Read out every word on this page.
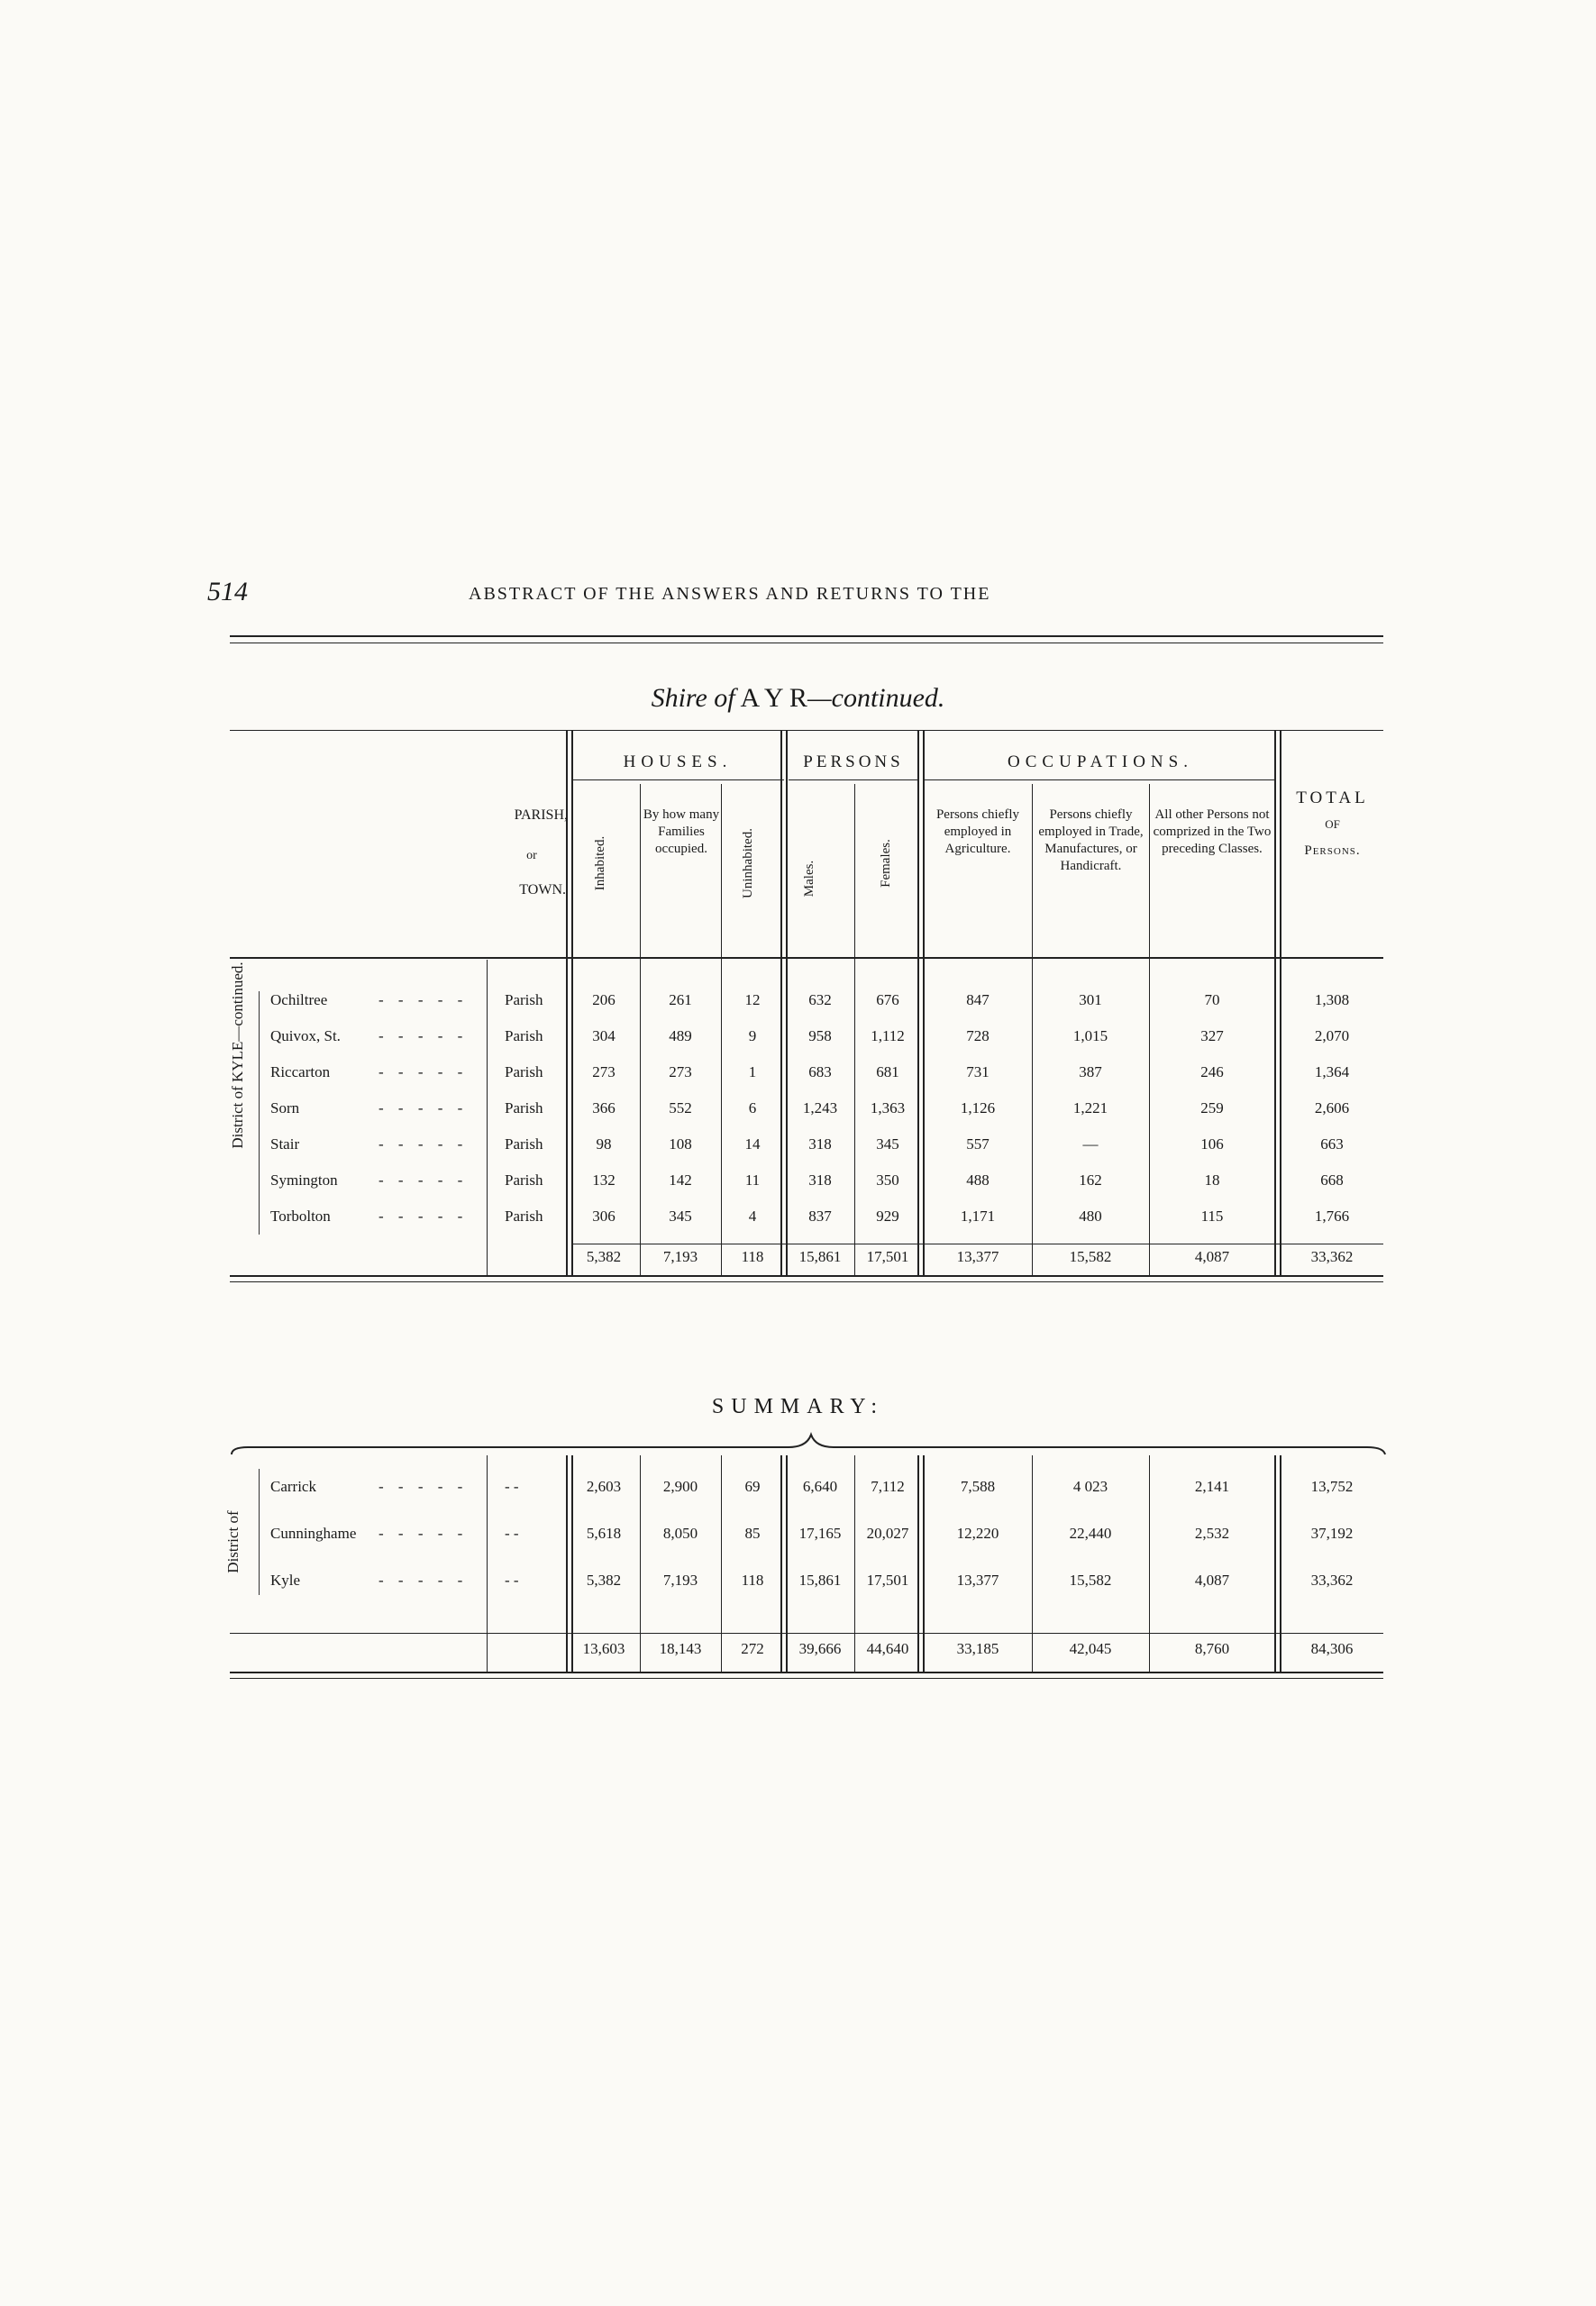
514	ABSTRACT OF THE ANSWERS AND RETURNS TO THE
Shire of A Y R—continued.
HOUSES.	PERSONS	OCCUPATIONS.
TOTAL
OF
Persons.
PARISH,
or
TOWN. Inhabited.
By how many Families occupied.	Uninhabited.	Males.	Females.
Persons chiefly employed in Agriculture.
Persons chiefly employed in Trade, Manufactures, or Handicraft.
All other Persons not comprized in the Two preceding Classes.
District of KYLE—continued. Ochiltree	- - - - - Parish	206	261	12	632	676	847	301	70	1,308
Quivox, St. - - - - - Parish	304	489	9	958	1,112	728	1,015	327	2,070
Riccarton	- - - - - Parish	273	273	1	683	681	731	387	246	1,364
Sorn	- - - - - Parish	366	552	6	1,243	1,363	1,126	1,221	259	2,606
Stair	- - - - - Parish	98	108	14	318	345	557	—	106	663
Symington	- - - - - Parish	132	142	11	318	350	488	162	18	668
Torbolton	- - - - - Parish	306	345	4	837	929	1,171	480	115	1,766
5,382	7,193	118	15,861	17,501	13,377	15,582	4,087	33,362
SUMMARY:
District of
Carrick	- - - - - - -	2,603	2,900	69	6,640	7,112	7,588	4 023	2,141	13,752
Cunninghame - - - - - - -	5,618	8,050	85	17,165	20,027	12,220	22,440	2,532	37,192
Kyle	- - - - - - -	5,382	7,193	118	15,861	17,501	13,377	15,582	4,087	33,362
13,603	18,143	272	39,666	44,640	33,185	42,045	8,760	84,306
